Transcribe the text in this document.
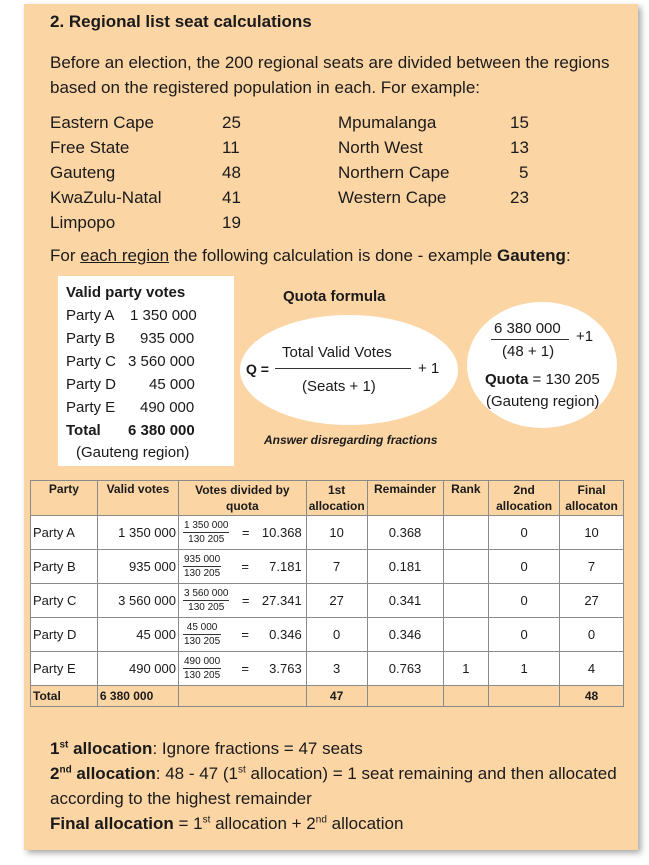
2. Regional list seat calculations
Before an election, the 200 regional seats are divided between the regions based on the registered population in each. For example:
Eastern Cape	25
Free State	11
Gauteng	48
KwaZulu-Natal	41
Limpopo	19
Mpumalanga	15
North West	13
Northern Cape	5
Western Cape	23
For each region the following calculation is done - example Gauteng:
Valid party votes
Party A 1 350 000
Party B 935 000
Party C 3 560 000
Party D 45 000
Party E 490 000
Total 6 380 000
(Gauteng region)
Quota formula
Q =
Total Valid Votes
(Seats + 1)
+ 1
6 380 000
(48 + 1)
+1
Quota = 130 205
(Gauteng region)
Answer disregarding fractions
Party	Valid votes	Votes divided by quota	1st allocation	Remainder	Rank	2nd allocation	Final allocaton
Party A	1 350 000	$\frac{1 350 000}{130 205} = 10.368$	10	0.368		0	10
Party B	935 000	$\frac{935 000}{130 205} = 7.181$	7	0.181		0	7
Party C	3 560 000	$\frac{3 560 000}{130 205} = 27.341$	27	0.341		0	27
Party D	45 000	$\frac{45 000}{130 205} = 0.346$	0	0.346		0	0
Party E	490 000	$\frac{490 000}{130 205} = 3.763$	3	0.763	1	1	4
Total	6 380 000		47				48
1st allocation: Ignore fractions = 47 seats
2nd allocation: 48 - 47 (1st allocation) = 1 seat remaining and then allocated according to the highest remainder
Final allocation = 1st allocation + 2nd allocation
